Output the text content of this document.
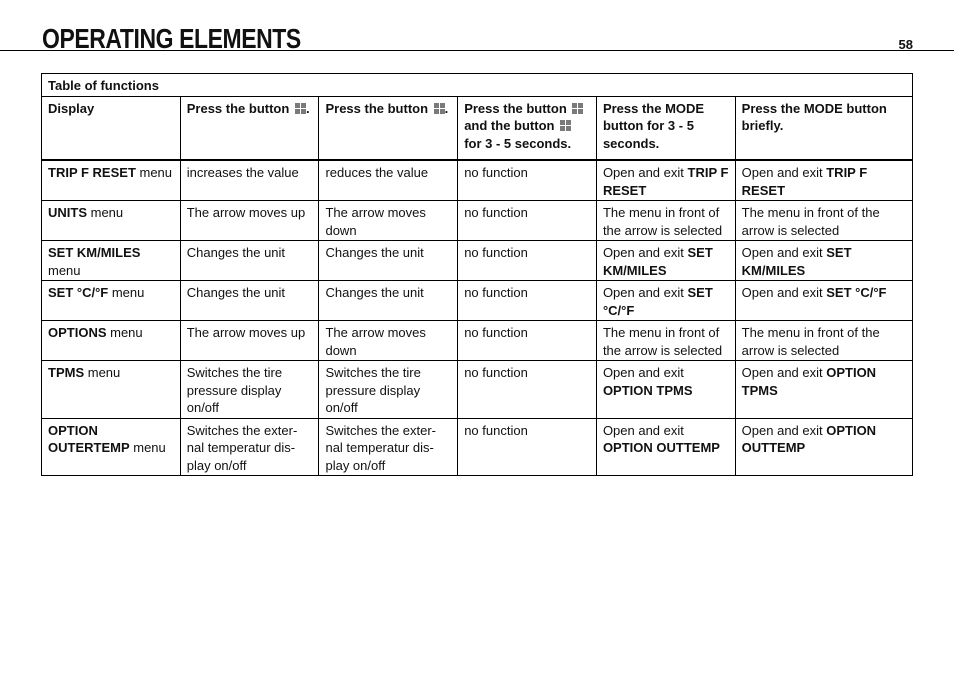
OPERATING ELEMENTS	58
Table of functions					
Display	Press the button .	Press the button .	Press the button  and the button  for 3 - 5 seconds.	Press the MODE button for 3 - 5 seconds.	Press the MODE button briefly.
TRIP F RESET menu	increases the value	reduces the value	no function	Open and exit TRIP F RESET	Open and exit TRIP F RESET
UNITS menu	The arrow moves up	The arrow moves down	no function	The menu in front of the arrow is selected	The menu in front of the arrow is selected
SET KM/MILES menu	Changes the unit	Changes the unit	no function	Open and exit SET KM/MILES	Open and exit SET KM/MILES
SET °C/°F menu	Changes the unit	Changes the unit	no function	Open and exit SET °C/°F	Open and exit SET °C/°F
OPTIONS menu	The arrow moves up	The arrow moves down	no function	The menu in front of the arrow is selected	The menu in front of the arrow is selected
TPMS menu	Switches the tire pressure display on/off	Switches the tire pressure display on/off	no function	Open and exit OPTION TPMS	Open and exit OPTION TPMS
OPTION OUTERTEMP menu	Switches the exter-nal temperatur dis-play on/off	Switches the exter-nal temperatur dis-play on/off	no function	Open and exit OPTION OUTTEMP	Open and exit OPTION OUTTEMP
